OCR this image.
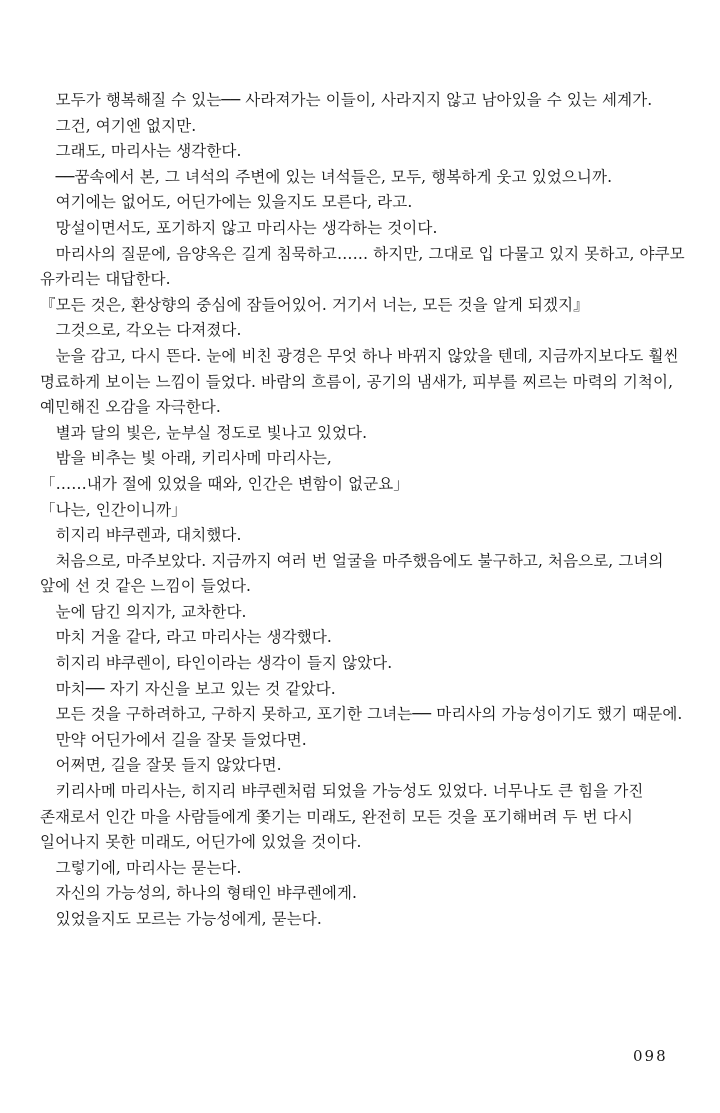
　모두가 행복해질 수 있는── 사라져가는 이들이, 사라지지 않고 남아있을 수 있는 세계가.

　그건, 여기엔 없지만.

　그래도, 마리사는 생각한다.

　──꿈속에서 본, 그 녀석의 주변에 있는 녀석들은, 모두, 행복하게 웃고 있었으니까.

　여기에는 없어도, 어딘가에는 있을지도 모른다, 라고.

　망설이면서도, 포기하지 않고 마리사는 생각하는 것이다.

　마리사의 질문에, 음양옥은 길게 침묵하고…… 하지만, 그대로 입 다물고 있지 못하고, 야쿠모 유카리는 대답한다.

『모든 것은, 환상향의 중심에 잠들어있어. 거기서 너는, 모든 것을 알게 되겠지』

　그것으로, 각오는 다져졌다.

　눈을 감고, 다시 뜬다. 눈에 비친 광경은 무엇 하나 바뀌지 않았을 텐데, 지금까지보다도 훨씬 명료하게 보이는 느낌이 들었다. 바람의 흐름이, 공기의 냄새가, 피부를 찌르는 마력의 기척이, 예민해진 오감을 자극한다.

　별과 달의 빛은, 눈부실 정도로 빛나고 있었다.

　밤을 비추는 빛 아래, 키리사메 마리사는,

「……내가 절에 있었을 때와, 인간은 변함이 없군요」

「나는, 인간이니까」

　히지리 뱌쿠렌과, 대치했다.

　처음으로, 마주보았다. 지금까지 여러 번 얼굴을 마주했음에도 불구하고, 처음으로, 그녀의 앞에 선 것 같은 느낌이 들었다.

　눈에 담긴 의지가, 교차한다.

　마치 거울 같다, 라고 마리사는 생각했다.

　히지리 뱌쿠렌이, 타인이라는 생각이 들지 않았다.

　마치── 자기 자신을 보고 있는 것 같았다.

　모든 것을 구하려하고, 구하지 못하고, 포기한 그녀는── 마리사의 가능성이기도 했기 때문에.

　만약 어딘가에서 길을 잘못 들었다면.

　어쩌면, 길을 잘못 들지 않았다면.

　키리사메 마리사는, 히지리 뱌쿠렌처럼 되었을 가능성도 있었다. 너무나도 큰 힘을 가진 존재로서 인간 마을 사람들에게 쫓기는 미래도, 완전히 모든 것을 포기해버려 두 번 다시 일어나지 못한 미래도, 어딘가에 있었을 것이다.

　그렇기에, 마리사는 묻는다.

　자신의 가능성의, 하나의 형태인 뱌쿠렌에게.

　있었을지도 모르는 가능성에게, 묻는다.

098
